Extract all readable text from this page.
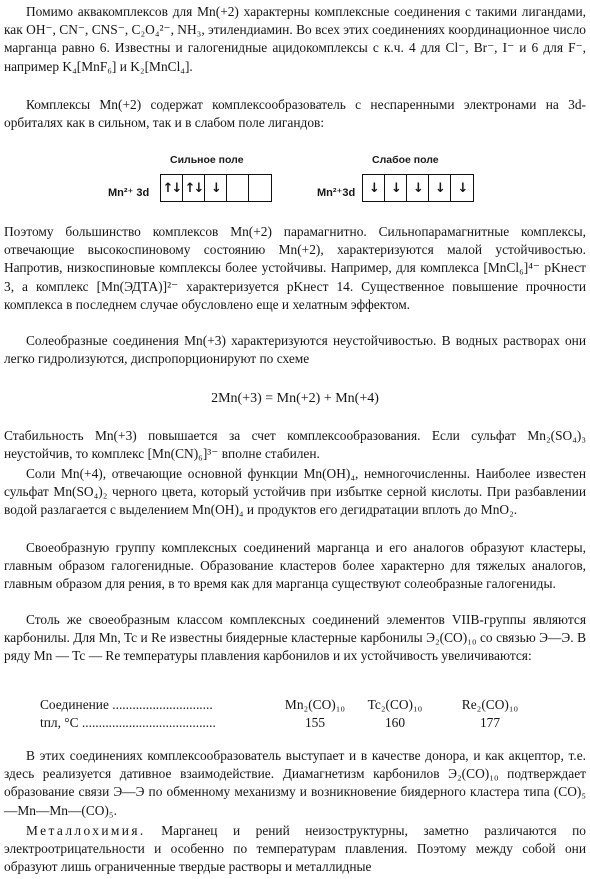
Помимо аквакомплексов для Mn(+2) характерны комплексные соединения с такими лигандами, как OH⁻, CN⁻, CNS⁻, C₂O₄²⁻, NH₃, этилендиамин. Во всех этих соединениях координационное число марганца равно 6. Известны и галогенидные ацидокомплексы с к.ч. 4 для Cl⁻, Br⁻, I⁻ и 6 для F⁻, например K₄[MnF₆] и K₂[MnCl₄].

Комплексы Mn(+2) содержат комплексообразователь с неспаренными электронами на 3d-орбиталях как в сильном, так и в слабом поле лигандов:

Сильное поле
Mn²⁺ 3d ↑↓ ↑↓ ↓
Слабое поле
Mn²⁺3d	↓	↓	↓	↓	↓

Поэтому большинство комплексов Mn(+2) парамагнитно. Сильнопарамагнитные комплексы, отвечающие высокоспиновому состоянию Mn(+2), характеризуются малой устойчивостью. Напротив, низкоспиновые комплексы более устойчивы. Например, для комплекса [MnCl₆]⁴⁻ pKнест 3, а комплекс [Mn(ЭДТА)]²⁻ характеризуется pKнест 14. Существенное повышение прочности комплекса в последнем случае обусловлено еще и хелатным эффектом.

Солеобразные соединения Mn(+3) характеризуются неустойчивостью. В водных растворах они легко гидролизуются, диспропорционируют по схеме

2Mn(+3) = Mn(+2) + Mn(+4)

Стабильность Mn(+3) повышается за счет комплексообразования. Если сульфат Mn₂(SO₄)₃ неустойчив, то комплекс [Mn(CN)₆]³⁻ вполне стабилен.

Соли Mn(+4), отвечающие основной функции Mn(OH)₄, немногочисленны. Наиболее известен сульфат Mn(SO₄)₂ черного цвета, который устойчив при избытке серной кислоты. При разбавлении водой разлагается с выделением Mn(OH)₄ и продуктов его дегидратации вплоть до MnO₂.

Своеобразную группу комплексных соединений марганца и его аналогов образуют кластеры, главным образом галогенидные. Образование кластеров более характерно для тяжелых аналогов, главным образом для рения, в то время как для марганца существуют солеобразные галогениды.

Столь же своеобразным классом комплексных соединений элементов VIIB-группы являются карбонилы. Для Mn, Tc и Re известны биядерные кластерные карбонилы Э₂(CO)₁₀ со связью Э—Э. В ряду Mn — Tc — Re температуры плавления карбонилов и их устойчивость увеличиваются:

Соединение ..............................	Mn₂(CO)₁₀	Tc₂(CO)₁₀	Re₂(CO)₁₀
tпл, °C ........................................	155	160	177

В этих соединениях комплексообразователь выступает и в качестве донора, и как акцептор, т.е. здесь реализуется дативное взаимодействие. Диамагнетизм карбонилов Э₂(CO)₁₀ подтверждает образование связи Э—Э по обменному механизму и возникновение биядерного кластера типа (CO)₅—Mn—Mn—(CO)₅.

Металлохимия. Марганец и рений неизоструктурны, заметно различаются по электроотрицательности и особенно по температурам плавления. Поэтому между собой они образуют лишь ограниченные твердые растворы и металлидные
